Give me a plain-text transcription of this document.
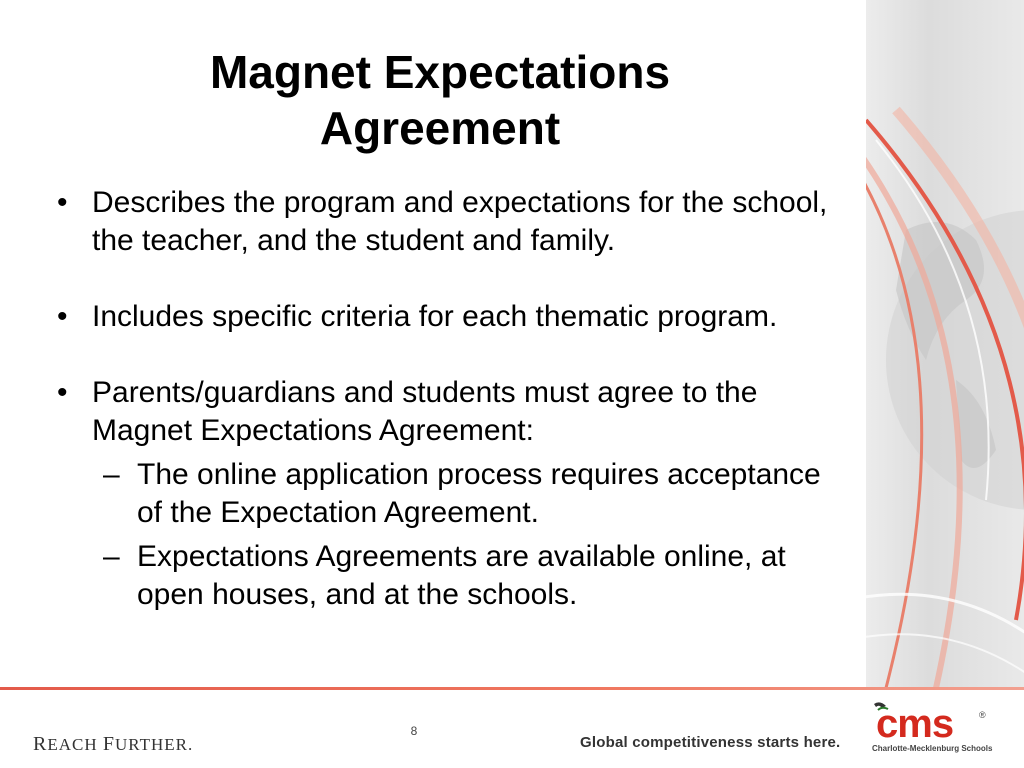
Magnet Expectations
Agreement
• Describes the program and expectations for the school, the teacher, and the student and family.
• Includes specific criteria for each thematic program.
• Parents/guardians and students must agree to the Magnet Expectations Agreement:
– The online application process requires acceptance of the Expectation Agreement.
– Expectations Agreements are available online, at open houses, and at the schools.
REACH FURTHER.
8
Global competitiveness starts here. cms	®
Charlotte-Mecklenburg Schools
